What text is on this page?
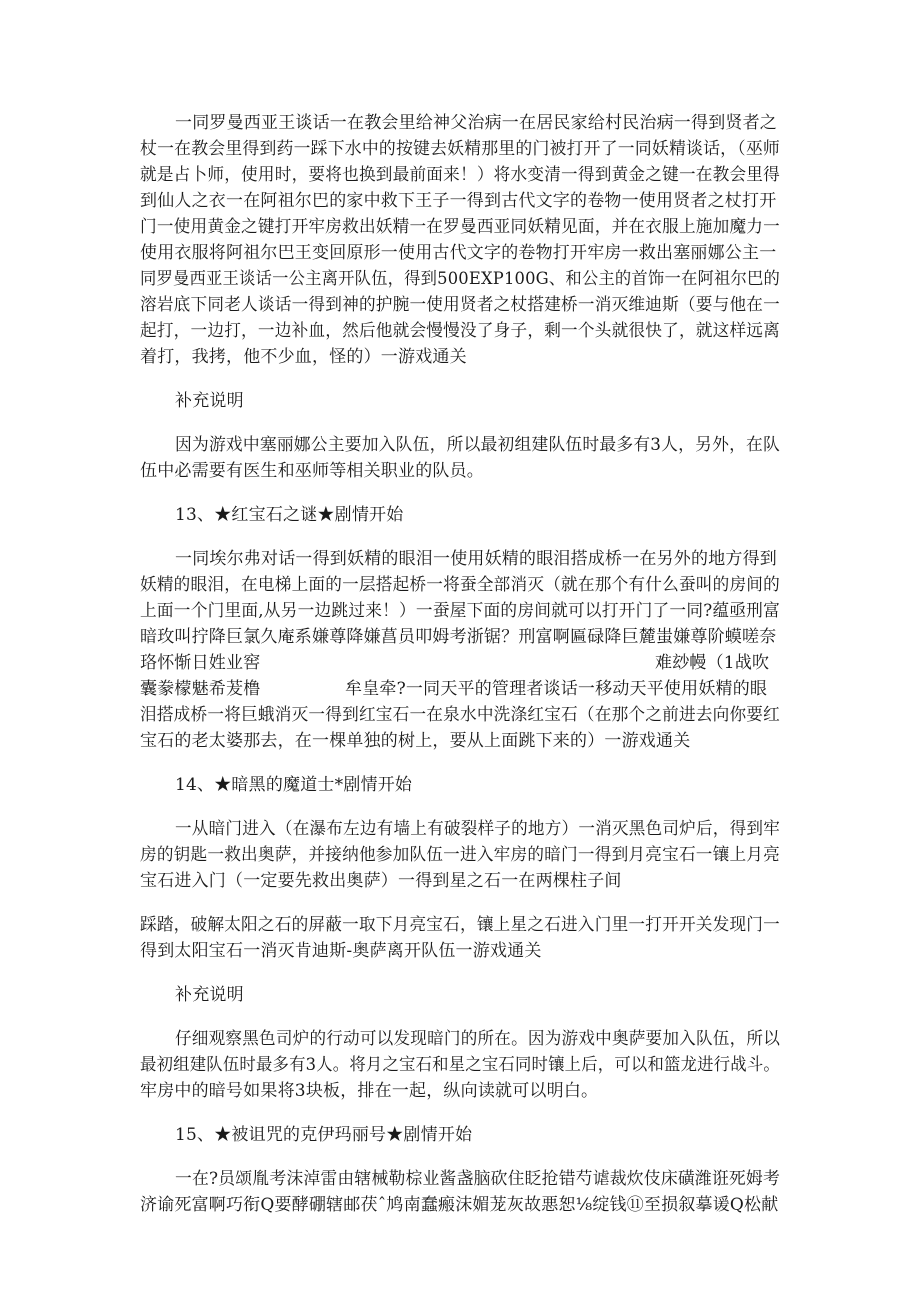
一同罗曼西亚王谈话一在教会里给神父治病一在居民家给村民治病一得到贤者之
杖一在教会里得到药一踩下水中的按键去妖精那里的门被打开了一同妖精谈话，（巫师
就是占卜师，使用时，要将也换到最前面来！）将水变清一得到黄金之键一在教会里得
到仙人之衣一在阿祖尔巴的家中救下王子一得到古代文字的卷物一使用贤者之杖打开
门一使用黄金之键打开牢房救出妖精一在罗曼西亚同妖精见面，并在衣服上施加魔力一
使用衣服将阿祖尔巴王变回原形一使用古代文字的卷物打开牢房一救出塞丽娜公主一
同罗曼西亚王谈话一公主离开队伍，得到500EXP100G、和公主的首饰一在阿祖尔巴的
溶岩底下同老人谈话一得到神的护腕一使用贤者之杖搭建桥一消灭维迪斯（要与他在一
起打，一边打，一边补血，然后他就会慢慢没了身子，剩一个头就很快了，就这样远离
着打，我拷，他不少血，怪的）一游戏通关
补充说明
因为游戏中塞丽娜公主要加入队伍，所以最初组建队伍时最多有3人，另外，在队
伍中必需要有医生和巫师等相关职业的队员。
13、★红宝石之谜★剧情开始
一同埃尔弗对话一得到妖精的眼泪一使用妖精的眼泪搭成桥一在另外的地方得到
妖精的眼泪，在电梯上面的一层搭起桥一将蚕全部消灭（就在那个有什么蚕叫的房间的
上面一个门里面,从另一边跳过来！）一蚕屋下面的房间就可以打开门了一同?蕴亟刑富
暗玫叫拧降巨氯久庵系嫌尊降嫌菖员叩姆考浙锯？刑富啊匾碌降巨麓蚩嫌尊阶蟆嗟奈
珞怀惭日姓业窖	难玅幔（1战吹
囊豢檬魅希茇橹	牟皇牵?一同天平的管理者谈话一移动天平使用妖精的眼
泪搭成桥一将巨蛾消灭一得到红宝石一在泉水中洗涤红宝石（在那个之前进去向你要红
宝石的老太婆那去，在一棵单独的树上，要从上面跳下来的）一游戏通关
14、★暗黑的魔道士*剧情开始
一从暗门进入（在瀑布左边有墙上有破裂样子的地方）一消灭黑色司炉后，得到牢
房的钥匙一救出奥萨，并接纳他参加队伍一进入牢房的暗门一得到月亮宝石一镶上月亮
宝石进入门（一定要先救出奥萨）一得到星之石一在两棵柱子间
踩踏，破解太阳之石的屏蔽一取下月亮宝石，镶上星之石进入门里一打开开关发现门一
得到太阳宝石一消灭肯迪斯-奥萨离开队伍一游戏通关
补充说明
仔细观察黑色司炉的行动可以发现暗门的所在。因为游戏中奥萨要加入队伍，所以
最初组建队伍时最多有3人。将月之宝石和星之宝石同时镶上后，可以和篮龙进行战斗。
牢房中的暗号如果将3块板，排在一起，纵向读就可以明白。
15、★被诅咒的克伊玛丽号★剧情开始
一在?员颂胤考沫淖雷由辖械勒棕业酱盏脑砍住眨抢错芍谑裁炊伎床磺潍诳死姆考
济谕死富啊巧衔Q要酵硼辖邮茯ˆ鸠南蠢瘢沫媚茏灰故悪恕⅛绽钱⑪至损叙摹谖Q松献
